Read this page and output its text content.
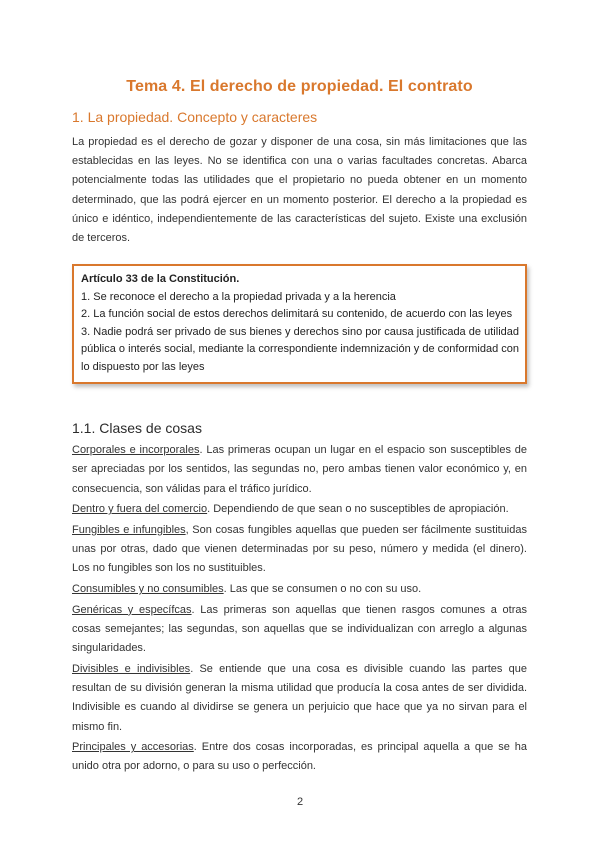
Tema 4. El derecho de propiedad. El contrato
1. La propiedad. Concepto y caracteres

La propiedad es el derecho de gozar y disponer de una cosa, sin más limitaciones que las establecidas en las leyes. No se identifica con una o varias facultades concretas. Abarca potencialmente todas las utilidades que el propietario no pueda obtener en un momento determinado, que las podrá ejercer en un momento posterior. El derecho a la propiedad es único e idéntico, independientemente de las características del sujeto. Existe una exclusión de terceros.

Artículo 33 de la Constitución.
1. Se reconoce el derecho a la propiedad privada y a la herencia
2. La función social de estos derechos delimitará su contenido, de acuerdo con las leyes
3. Nadie podrá ser privado de sus bienes y derechos sino por causa justificada de utilidad pública o interés social, mediante la correspondiente indemnización y de conformidad con lo dispuesto por las leyes
1.1. Clases de cosas

Corporales e incorporales. Las primeras ocupan un lugar en el espacio son susceptibles de ser apreciadas por los sentidos, las segundas no, pero ambas tienen valor económico y, en consecuencia, son válidas para el tráfico jurídico.

Dentro y fuera del comercio. Dependiendo de que sean o no susceptibles de apropiación.

Fungibles e infungibles, Son cosas fungibles aquellas que pueden ser fácilmente sustituidas unas por otras, dado que vienen determinadas por su peso, número y medida (el dinero). Los no fungibles son los no sustituibles.

Consumibles y no consumibles. Las que se consumen o no con su uso.

Genéricas y específcas. Las primeras son aquellas que tienen rasgos comunes a otras cosas semejantes; las segundas, son aquellas que se individualizan con arreglo a algunas singularidades.

Divisibles e indivisibles. Se entiende que una cosa es divisible cuando las partes que resultan de su división generan la misma utilidad que producía la cosa antes de ser dividida. Indivisible es cuando al dividirse se genera un perjuicio que hace que ya no sirvan para el mismo fin.

Principales y accesorias. Entre dos cosas incorporadas, es principal aquella a que se ha unido otra por adorno, o para su uso o perfección.

2
